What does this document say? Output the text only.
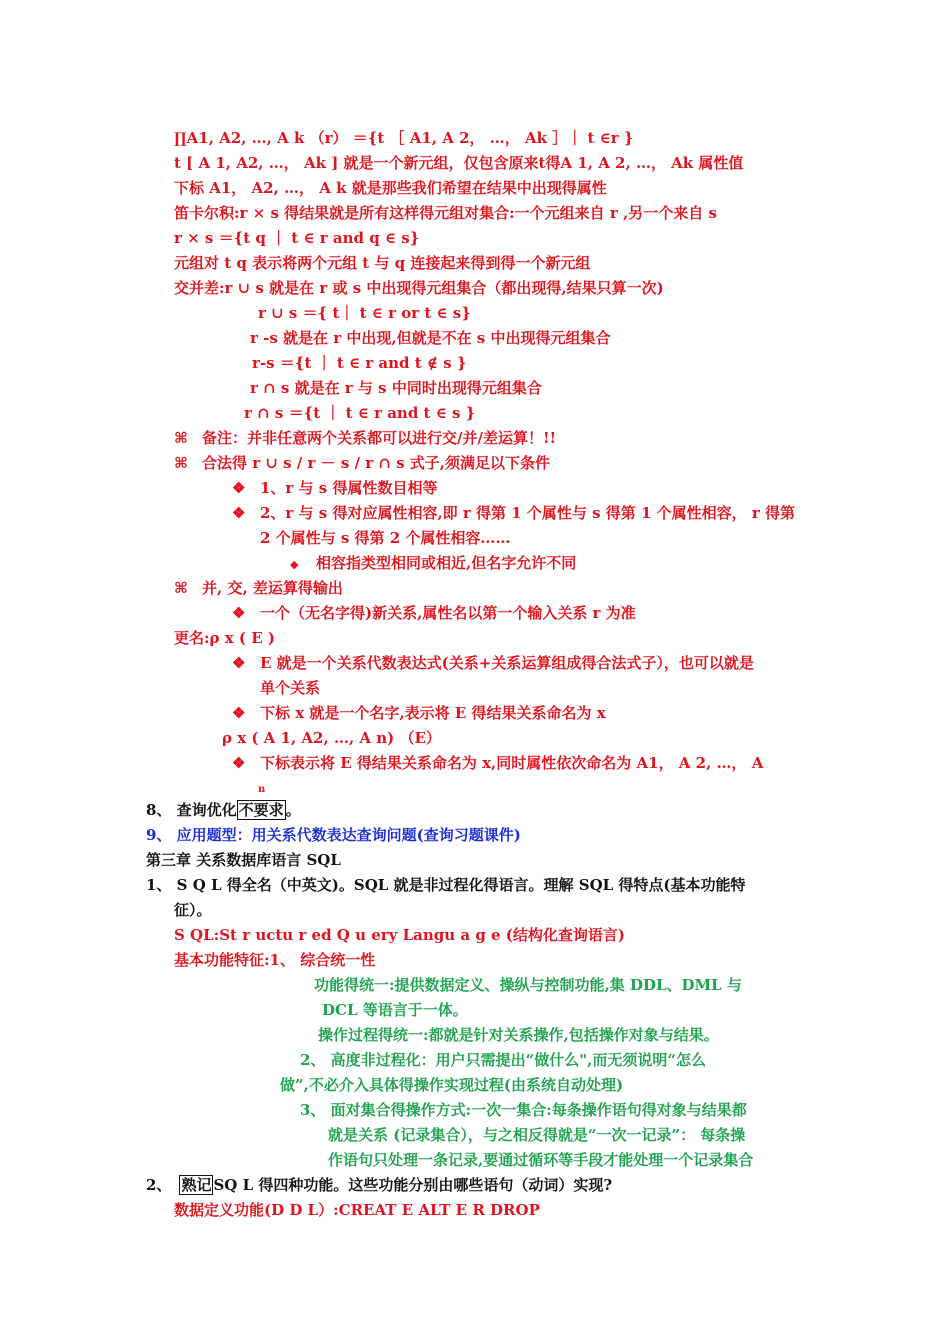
∏A1, A2, …, A k （r） ＝{t ［ A1, A 2， …， Ak ］｜ t ∈r }
t [ A 1, A2, …， Ak ] 就是一个新元组，仅包含原来t得A 1, A 2, …， Ak 属性值
下标 A1， A2, …， A k 就是那些我们希望在结果中出现得属性
笛卡尔积:r × s 得结果就是所有这样得元组对集合:一个元组来自 r ,另一个来自 s
r × s ＝{t q ｜ t ∈ r and q ∈ s}
元组对 t q 表示将两个元组 t 与 q 连接起来得到得一个新元组
交并差:r ∪ s 就是在 r 或 s 中出现得元组集合（都出现得,结果只算一次)
r ∪ s ＝{ t｜ t ∈ r or t ∈ s}
r -s 就是在 r 中出现,但就是不在 s 中出现得元组集合
r-s ＝{t ｜ t ∈ r and t ∉ s }
r ∩ s 就是在 r 与 s 中同时出现得元组集合
r ∩ s ＝{t ｜ t ∈ r and t ∈ s }
⌘ 备注：并非任意两个关系都可以进行交/并/差运算！!!
⌘ 合法得 r ∪ s / r － s / r ∩ s 式子,须满足以下条件
❖ 1、r 与 s 得属性数目相等
❖ 2、r 与 s 得对应属性相容,即 r 得第 1 个属性与 s 得第 1 个属性相容， r 得第
2 个属性与 s 得第 2 个属性相容……
◆ 相容指类型相同或相近,但名字允许不同
⌘ 并, 交, 差运算得输出
❖ 一个（无名字得)新关系,属性名以第一个输入关系 r 为准
更名:ρ x ( E )
❖ E 就是一个关系代数表达式(关系+关系运算组成得合法式子），也可以就是
单个关系
❖ 下标 x 就是一个名字,表示将 E 得结果关系命名为 x
ρ x ( A 1, A2, …, A n) （E）
❖ 下标表示将 E 得结果关系命名为 x,同时属性依次命名为 A1， A 2, …， A
n
8、 查询优化 不要求 。
9、 应用题型：用关系代数表达查询问题(查询习题课件)
第三章 关系数据库语言 SQL
1、 S Q L 得全名（中英文)。SQL 就是非过程化得语言。理解 SQL 得特点(基本功能特
征）。
S QL:St r uctu r ed Q u ery Langu a g e (结构化查询语言)
基本功能特征:1、 综合统一性
功能得统一:提供数据定义、操纵与控制功能,集 DDL、DML 与
DCL 等语言于一体。
操作过程得统一:都就是针对关系操作,包括操作对象与结果。
2、 高度非过程化：用户只需提出“做什么",而无须说明“怎么
做”,不必介入具体得操作实现过程(由系统自动处理)
3、 面对集合得操作方式:一次一集合:每条操作语句得对象与结果都
就是关系 (记录集合），与之相反得就是“一次一记录”： 每条操
作语句只处理一条记录,要通过循环等手段才能处理一个记录集合
2、 熟记 SQ L 得四种功能。这些功能分别由哪些语句（动词）实现?
数据定义功能(D D L）:CREAT E ALT E R DROP
